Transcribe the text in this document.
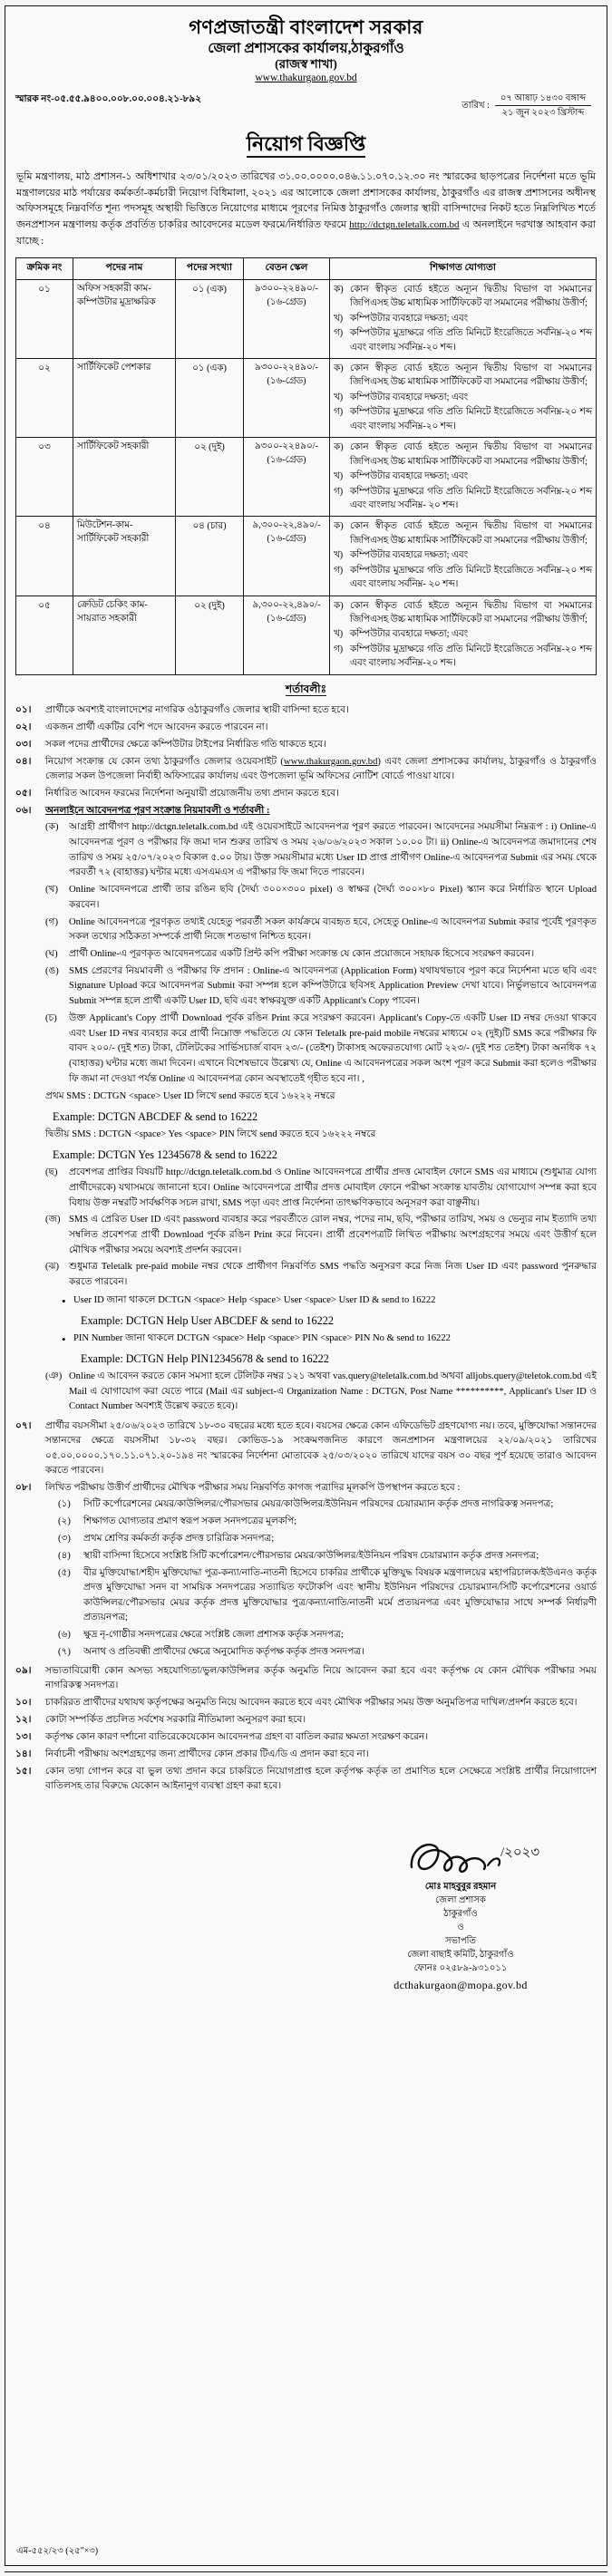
গণপ্রজাতন্ত্রী বাংলাদেশ সরকার
জেলা প্রশাসকের কার্যালয়,ঠাকুরগাঁও
(রাজস্ব শাখা)
www.thakurgaon.gov.bd
স্মারক নং-০৫.৫৫.৯৪০০.০০৮.০০.০০৪.২১-৮৯২
তারিখ :
০৭ আষাঢ় ১৪৩০ বঙ্গাব্দ
২১ জুন ২০২৩ খ্রিস্টাব্দ
নিয়োগ বিজ্ঞপ্তি
ভূমি মন্ত্রণালয়, মাঠ প্রশাসন-১ অধিশাখার ২৩/০১/২০২৩ তারিখের ৩১.০০.০০০০.০৪৬.১১.০৭০.১২.৩০ নং স্মারকের ছাড়পত্রের নির্দেশনা মতে ভূমি মন্ত্রণালয়ের মাঠ পর্যায়ের কর্মকর্তা-কর্মচারী নিয়োগ বিধিমালা, ২০২১ এর আলোকে জেলা প্রশাসকের কার্যালয়, ঠাকুরগাঁও এর রাজস্ব প্রশাসনের অধীনস্থ অফিসসমূহে নিম্নবর্ণিত শূন্য পদসমূহ অস্থায়ী ভিত্তিতে নিয়োগের মাধ্যমে পূরণের নিমিত্ত ঠাকুরগাঁও জেলার স্থায়ী বাসিন্দাদের নিকট হতে নিম্নলিখিত শর্তে জনপ্রশাসন মন্ত্রণালয় কর্তৃক প্রবর্তিত চাকরির আবেদনের মডেল ফরমে/নির্ধারিত ফরমে http://dctgn.teletalk.com.bd এ অনলাইনে দরখাস্ত আহবান করা যাচ্ছে :
ক্রমিক নং	পদের নাম	পদের সংখ্যা	বেতন স্কেল	শিক্ষাগত যোগ্যতা
০১	অফিস সহকারী কাম-কম্পিউটার মুদ্রাক্ষরিক	০১ (এক)	৯৩০০-২২৪৯০/-
(১৬-গ্রেড)

ক) কোন স্বীকৃত বোর্ড হইতে অন্যূন দ্বিতীয় বিভাগ বা সমমানের জিপিএসহ উচ্চ মাধ্যমিক সার্টিফিকেট বা সমমানের পরীক্ষায় উত্তীর্ণ;
খ) কম্পিউটার ব্যবহারে দক্ষতা; এবং
গ) কম্পিউটার মুদ্রাক্ষরে গতি প্রতি মিনিটে ইংরেজিতে সর্বনিম্ন-২০ শব্দ এবং বাংলায় সর্বনিম্ন-২০ শব্দ।

০২	সার্টিফিকেট পেশকার	০১ (এক)	৯৩০০-২২৪৯০/-
(১৬-গ্রেড)

ক) কোন স্বীকৃত বোর্ড হইতে অন্যূন দ্বিতীয় বিভাগ বা সমমানের জিপিএসহ উচ্চ মাধ্যমিক সার্টিফিকেট বা সমমানের পরীক্ষায় উত্তীর্ণ;
খ) কম্পিউটার ব্যবহারে দক্ষতা; এবং
গ) কম্পিউটার মুদ্রাক্ষরে গতি প্রতি মিনিটে ইংরেজিতে সর্বনিম্ন-২০ শব্দ এবং বাংলায় সর্বনিম্ন-২০ শব্দ।

০৩	সার্টিফিকেট সহকারী	০২ (দুই)	৯৩০০-২২৪৯০/-
(১৬-গ্রেড)

ক) কোন স্বীকৃত বোর্ড হইতে অন্যূন দ্বিতীয় বিভাগ বা সমমানের জিপিএসহ উচ্চ মাধ্যমিক সার্টিফিকেট বা সমমানের পরীক্ষায় উত্তীর্ণ;
খ) কম্পিউটার ব্যবহারে দক্ষতা; এবং
গ) কম্পিউটার মুদ্রাক্ষরে গতি প্রতি মিনিটে ইংরেজিতে সর্বনিম্ন-২০ শব্দ এবং বাংলায় সর্বনিম্ন- ২০ শব্দ।

০৪	মিউটেশন-কাম-সার্টিফিকেট সহকারী	০৪ (চার)	৯,৩০০-২২,৪৯০/-
(১৬-গ্রেড)

ক) কোন স্বীকৃত বোর্ড হইতে অন্যূন দ্বিতীয় বিভাগ বা সমমানের জিপিএসহ উচ্চ মাধ্যমিক সার্টিফিকেট বা সমমানের পরীক্ষায় উত্তীর্ণ;
খ) কম্পিউটার ব্যবহারে দক্ষতা; এবং
গ) কম্পিউটার মুদ্রাক্ষরে গতি প্রতি মিনিটে ইংরেজিতে সর্বনিম্ন-২০ শব্দ এবং বাংলায় সর্বনিম্ন- ২০ শব্দ।

০৫	ক্রেডিট চেকিং কাম-সায়রাত সহকারী	০২ (দুই)	৯,৩০০-২২,৪৯০/-
(১৬-গ্রেড)

ক) কোন স্বীকৃত বোর্ড হইতে অন্যূন দ্বিতীয় বিভাগ বা সমমানের জিপিএসহ উচ্চ মাধ্যমিক সার্টিফিকেট বা সমমানের পরীক্ষায় উত্তীর্ণ;
খ) কম্পিউটার ব্যবহারে দক্ষতা; এবং
গ) কম্পিউটার মুদ্রাক্ষরে গতি প্রতি মিনিটে ইংরেজিতে সর্বনিম্ন-২০ শব্দ এবং বাংলায় সর্বনিম্ন-২০ শব্দ।
শর্তাবলীঃ
০১।	প্রার্থীকে অবশ্যই বাংলাদেশের নাগরিক ওঠাকুরগাঁও জেলার স্থায়ী বাসিন্দা হতে হবে।
০২।	একজন প্রার্থী একটির বেশি পদে আবেদন করতে পারবেন না।
০৩।	সকল পদের প্রার্থীদের ক্ষেত্রে কম্পিউটার টাইপের নির্ধারিত গতি থাকতে হবে।
০৪।	নিয়োগ সংক্রান্ত যে কোন তথ্য ঠাকুরগাঁও জেলার ওয়েবসাইট (www.thakurgaon.gov.bd) এবং জেলা প্রশাসকের কার্যালয়, ঠাকুরগাঁও ও ঠাকুরগাঁও জেলার সকল উপজেলা নির্বাহী অফিসারের কার্যালয় এবং উপজেলা ভূমি অফিসের নোটিশ বোর্ডে পাওয়া যাবে।
০৫।	নির্ধারিত আবেদন ফরমের নির্দেশনা অনুযায়ী প্রয়োজনীয় তথ্য প্রদান করতে হবে।
০৬।	অনলাইনে আবেদনপত্র পূরণ সংক্রান্ত নিয়মাবলী ও শর্তাবলী :
(ক)	আগ্রহী প্রার্থীগণ http://dctgn.teletalk.com.bd এই ওয়েবসাইটে আবেদনপত্র পূরণ করতে পারবেন। আবেদনের সময়সীমা নিম্নরূপ : i) Online-এ আবেদনপত্র পূরণ ও পরীক্ষার ফি জমা দান শুরুর তারিখ ও সময় ২৬/০৬/২০২৩ সকাল ১০.০০ টা। ii) Online-এ আবেদনপত্র জমাদানের শেষ তারিখ ও সময় ২৫/০৭/২০২৩ বিকাল ৫.০০ টায়। উক্ত সময়সীমার মধ্যে User ID প্রাপ্ত প্রার্থীগণ Online-এ আবেদনপত্র Submit এর সময় থেকে পরবর্তী ৭২ (বাহাত্তর) ঘন্টার মধ্যে এসএমএস এ পরীক্ষার ফি জমা দিতে পারবেন।
(খ)	Online আবেদনপত্রে প্রার্থী তার রঙিন ছবি (দৈর্ঘ্য ৩০০×৩০০ pixel) ও স্বাক্ষর (দৈর্ঘ্য ৩০০×৮০ Pixel) স্ক্যান করে নির্ধারিত স্থানে Upload করবেন।
(গ)	Online আবেদনপত্রে পূরণকৃত তথ্যই যেহেতু পরবর্তী সকল কার্যক্রমে ব্যবহৃত হবে, সেহেতু Online-এ আবেদনপত্র Submit করার পূর্বেই পূরণকৃত সকল তথ্যের সঠিকতা সম্পর্কে প্রার্থী নিজে শতভাগ নিশ্চিত হবেন।
(ঘ)	প্রার্থী Online-এ পূরণকৃত আবেদনপত্রের একটি প্রিন্ট কপি পরীক্ষা সংক্রান্ত যে কোন প্রয়োজনে সহায়ক হিসেবে সংরক্ষণ করবেন।
(ঙ)	SMS প্রেরণের নিয়মাবলী ও পরীক্ষার ফি প্রদান : Online-এ আবেদনপত্র (Application Form) যথাযথভাবে পূরণ করে নির্দেশনা মতে ছবি এবং Signature Upload করে আবেদনপত্র Submit করা সম্পন্ন হলে কম্পিউটারে ছবিসহ Application Preview দেখা যাবে। নির্ভুলভাবে আবেদনপত্র Submit সম্পন্ন হলে প্রার্থী একটি User ID, ছবি এবং স্বাক্ষরযুক্ত একটি Applicant's Copy পাবেন।
(চ)	উক্ত Applicant's Copy প্রার্থী Download পূর্বক রঙিন Print করে সংরক্ষণ করবেন। Applicant's Copy-তে একটি User ID নম্বর দেওয়া থাকবে এবং User ID নম্বর ব্যবহার করে প্রার্থী নিম্নোক্ত পদ্ধতিতে যে কোন Teletalk pre-paid mobile নম্বরের মাধ্যমে ০২ (দুই)টি SMS করে পরীক্ষার ফি বাবদ ২০০/- (দুই শত) টাকা, টেলিটকের সার্ভিসচার্জ বাবদ ২৩/- (তেইশ) টাকাসহ অফেরতযোগ্য মোট ২২৩/- (দুই শত তেইশ) টাকা অনধিক ৭২ (বাহাত্তর) ঘন্টার মধ্যে জমা দিবেন। এখানে বিশেষভাবে উল্লেখ্য যে, Online এ আবেদনপত্রের সকল অংশ পূরণ করে Submit করা হলেও পরীক্ষার ফি জমা না দেওয়া পর্যন্ত Online এ আবেদনপত্র কোন অবস্থাতেই গৃহীত হবে না। ,
প্রথম SMS : DCTGN <space> User ID লিখে send করতে হবে ১৬২২২ নম্বরে
Example: DCTGN ABCDEF & send to 16222
দ্বিতীয় SMS : DCTGN <space> Yes <space> PIN লিখে send করতে হবে ১৬২২২ নম্বরে
Example: DCTGN Yes 12345678 & send to 16222
(ছ)	প্রবেশপত্র প্রাপ্তির বিষয়টি http://dctgn.teletalk.com.bd ও Online আবেদনপত্রে প্রার্থীর প্রদত্ত মোবাইল ফোনে SMS এর মাধ্যমে (শুধুমাত্র যোগ্য প্রার্থীদেরকে) যথাসময়ে জানানো হবে। Online আবেদনপত্রে প্রার্থীর প্রদত্ত মোবাইল ফোনে পরীক্ষা সংক্রান্ত যাবতীয় যোগাযোগ সম্পন্ন করা হবে বিধায় উক্ত নম্বরটি সার্বক্ষণিক সচল রাখা, SMS পড়া এবং প্রাপ্ত নির্দেশনা তাৎক্ষণিকভাবে অনুসরণ করা বাঞ্ছনীয়।
(জ) SMS এ প্রেরিত User ID এবং password ব্যবহার করে পরবর্তীতে রোল নম্বর, পদের নাম, ছবি, পরীক্ষার তারিখ, সময় ও ভেন্যুর নাম ইত্যাদি তথ্য সম্বলিত প্রবেশপত্র প্রার্থী Download পূর্বক রঙিন Print করে নিবেন। প্রার্থী প্রবেশপত্রটি লিখিত পরীক্ষায় অংশগ্রহণের সময়ে এবং উত্তীর্ণ হলে মৌখিক পরীক্ষার সময়ে অবশ্যই প্রদর্শন করবেন।
(ঝ)	শুধুমাত্র Teletalk pre-paid mobile নম্বর থেকে প্রার্থীগণ নিম্নবর্ণিত SMS পদ্ধতি অনুসরণ করে নিজ নিজ User ID এবং password পুনরুদ্ধার করতে পারবেন।
• User ID জানা থাকলে DCTGN <space> Help <space> User <space> User ID & send to 16222
Example: DCTGN Help User ABCDEF & send to 16222
• PIN Number জানা থাকলে DCTGN <space> Help <space> PIN <space> PIN No & send to 16222
Example: DCTGN Help PIN12345678 & send to 16222
(ঞ) Online এ আবেদন করতে কোন সমস্যা হলে টেলিটক নম্বর ১২১ অথবা vas.query@teletalk.com.bd অথবা alljobs.query@teletok.com.bd এই Mail এ যোগাযোগ করা যেতে পারে (Mail এর subject-এ Organization Name : DCTGN, Post Name **********, Applicant's User ID ও Contact Number অবশ্যই উল্লেখ করতে হবে)।
০৭।	প্রার্থীর বয়সসীমা ২৫/০৬/২০২৩ তারিখে ১৮-৩০ বছরের মধ্যে হতে হবে। বয়সের ক্ষেত্রে কোন এফিডেভিট গ্রহণযোগ্য নয়। তবে, মুক্তিযোদ্ধা সন্তানদের সন্তানদের ক্ষেত্রে বয়সসীমা ১৮-৩২ বছর। কোভিড-১৯ সংক্রমণজনিত কারণে জনপ্রশাসন মন্ত্রণালয়ের ২২/০৯/২০২১ তারিখের ০৫.০০.০০০০.১৭০.১১.০৭১.২০-১৯৪ নং স্মারকের নির্দেশনা মোতাবেক ২৫/০৩/২০২০ তারিখে যাদের বয়স ৩০ বছর পূর্ণ হয়েছে তারাও আবেদন করতে পারবেন।
০৮।	লিখিত পরীক্ষায় উত্তীর্ণ প্রার্থীদের মৌখিক পরীক্ষার সময় নিম্নবর্ণিত কাগজ পত্রাদির মূলকপি উপস্থাপন করতে হবে :
(১)	সিটি কর্পোরেশনের মেয়র/কাউন্সিলর/পৌরসভার মেয়র/কাউন্সিলর/ইউনিয়ন পরিষদের চেয়ারম্যান কর্তৃক প্রদত্ত নাগরিকত্ব সনদপত্র;
(২)	শিক্ষাগত যোগ্যতার প্রমাণ স্বরূপ সকল সনদপত্রের মূলকপি;
(৩)	প্রথম শ্রেণির কর্মকর্তা কর্তৃক প্রদত্ত চারিত্রিক সনদপত্র;
(৪)	স্থায়ী বাসিন্দা হিসেবে সংশ্লিষ্ট সিটি কর্পোরেশন/পৌরসভার মেয়র/কাউন্সিলর/ইউনিয়ন পরিষদ চেয়ারম্যান কর্তৃক প্রদত্ত সনদপত্র;
(৫)	বীর মুক্তিযোদ্ধা/শহীদ মুক্তিযোদ্ধা পুত্র-কন্যা/নাতি-নাতনী হিসেবে চাকরির প্রার্থীকে মুক্তিযুদ্ধ বিষয়ক মন্ত্রণালয়ের মহাপরিচালক/ইউএনও কর্তৃক প্রদত্ত মুক্তিযোদ্ধা সনদ বা সাময়িক সনদপত্রের সত্যায়িত ফটোকপি এবং স্থানীয় ইউনিয়ন পরিষদের চেয়ারম্যান/সিটি কর্পোরেশনের ওয়ার্ড কাউন্সিলর/পৌরসভার মেয়র কর্তৃক প্রদত্ত মুক্তিযোদ্ধার পুত্র/কন্যা/নাতি/নাতনী মর্মে প্রত্যয়নপত্র এবং মুক্তিযোদ্ধার সাথে সম্পর্ক নির্ধারণী প্রত্যয়নপত্র;
(৬)	ক্ষুদ্র নৃ-গোষ্ঠীর সনদপত্রের ক্ষেত্রে সংশ্লিষ্ট জেলা প্রশাসক কর্তৃক সনদপত্র;
(৭)	অনাথ ও প্রতিবন্ধী প্রার্থীদের ক্ষেত্রে অনুমোদিত কর্তৃপক্ষ কর্তৃক প্রদত্ত সনদপত্র।
০৯।	সভ্যতাবিরোধী কোন অসভ্য সহযোগিতা/ভুল/কাউন্সিলর কর্তৃক অনুমতি নিয়ে আবেদন করা হবে এবং কর্তৃপক্ষ যে কোন মৌখিক পরীক্ষার সময় নাগরিকত্ব সনদপত্র।
১০।	চাকরিরত প্রার্থীদের যথাযথ কর্তৃপক্ষের অনুমতি নিয়ে আবেদন করতে হবে এবং মৌখিক পরীক্ষার সময় উক্ত অনুমতিপত্র দাখিল/প্রদর্শন করতে হবে।
১২।	কোটা সম্পর্কিত প্রচলিত সর্বশেষ সরকারি নীতিমালা অনুসরণ করা হবে।
১৩।	কর্তৃপক্ষ কোন কারণ দর্শানো ব্যতিরেকেযেকোন আবেদনপত্র গ্রহণ বা বাতিল করার ক্ষমতা সংরক্ষণ করেন।
১৪।	নির্বাচনী পরীক্ষায় অংশগ্রহণের জন্য প্রার্থীদের কোন প্রকার টিএ/ডি এ প্রদান করা হবে না।
১৫।	কোন তথ্য গোপন করে বা ভুল তথ্য প্রদান করে চাকরিতে নিয়োগপ্রাপ্ত হলে কর্তৃপক্ষ কর্তৃক তা প্রমাণিত হলে সেক্ষেত্রে সংশ্লিষ্ট প্রার্থীর নিয়োগাদেশ বাতিলসহ তার বিরুদ্ধে যেকোন আইনানুগ ব্যবস্থা গ্রহণ করা হবে।
/২০২৩
মোঃ মাহবুবুর রহমান
জেলা প্রশাসক
ঠাকুরগাঁও
ও
সভাপতি
জেলা বাছাই কমিটি, ঠাকুরগাঁও
ফোনঃ ০২৫৮৯-৯৩১০১১
dcthakurgaon@mopa.gov.bd
এম-৫৫২/২৩ (২৫"×৩)
